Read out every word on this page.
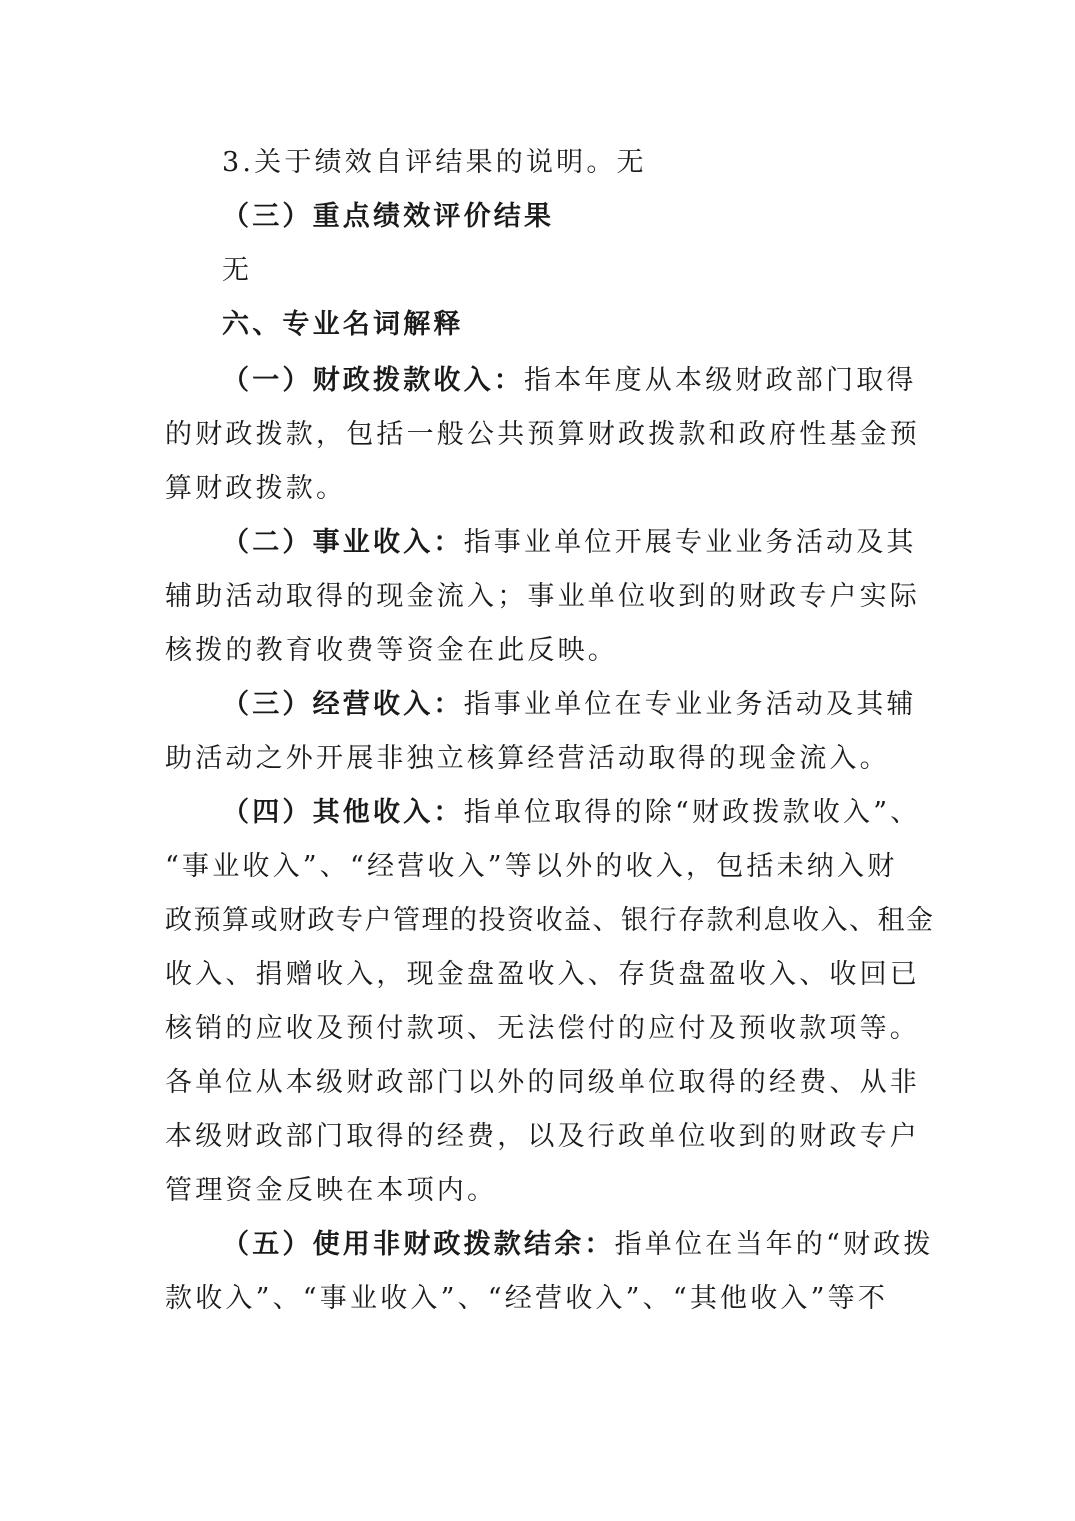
3.关于绩效自评结果的说明。无
（三）重点绩效评价结果
无
六、专业名词解释
（一）财政拨款收入：指本年度从本级财政部门取得
的财政拨款，包括一般公共预算财政拨款和政府性基金预
算财政拨款。
（二）事业收入：指事业单位开展专业业务活动及其
辅助活动取得的现金流入；事业单位收到的财政专户实际
核拨的教育收费等资金在此反映。
（三）经营收入：指事业单位在专业业务活动及其辅
助活动之外开展非独立核算经营活动取得的现金流入。
（四）其他收入：指单位取得的除“财政拨款收入”、
“事业收入”、“经营收入”等以外的收入，包括未纳入财
政预算或财政专户管理的投资收益、银行存款利息收入、租金
收入、捐赠收入，现金盘盈收入、存货盘盈收入、收回已
核销的应收及预付款项、无法偿付的应付及预收款项等。
各单位从本级财政部门以外的同级单位取得的经费、从非
本级财政部门取得的经费，以及行政单位收到的财政专户
管理资金反映在本项内。
（五）使用非财政拨款结余：指单位在当年的“财政拨
款收入”、“事业收入”、“经营收入”、“其他收入”等不
